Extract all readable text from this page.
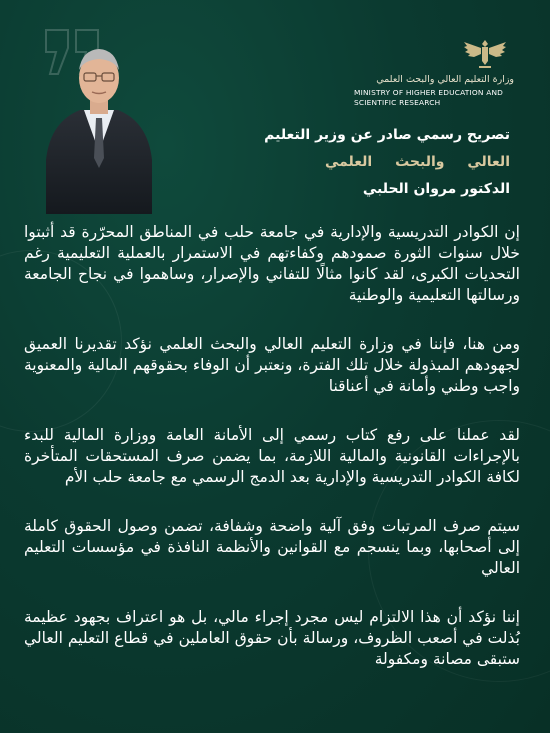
وزارة التعليم العالي والبحث العلمي
MINISTRY OF HIGHER EDUCATION AND
SCIENTIFIC RESEARCH
تصريح رسمي صادر عن وزير التعليم
العالي والبحث العلمي
الدكتور مروان الحلبي

إن الكوادر التدريسية والإدارية في جامعة حلب في المناطق المحرّرة قد أثبتوا خلال سنوات الثورة صمودهم وكفاءتهم في الاستمرار بالعملية التعليمية رغم التحديات الكبرى، لقد كانوا مثالًا للتفاني والإصرار، وساهموا في نجاح الجامعة ورسالتها التعليمية والوطنية

ومن هنا، فإننا في وزارة التعليم العالي والبحث العلمي نؤكد تقديرنا العميق لجهودهم المبذولة خلال تلك الفترة، ونعتبر أن الوفاء بحقوقهم المالية والمعنوية واجب وطني وأمانة في أعناقنا

لقد عملنا على رفع كتاب رسمي إلى الأمانة العامة ووزارة المالية للبدء بالإجراءات القانونية والمالية اللازمة، بما يضمن صرف المستحقات المتأخرة لكافة الكوادر التدريسية والإدارية بعد الدمج الرسمي مع جامعة حلب الأم

سيتم صرف المرتبات وفق آلية واضحة وشفافة، تضمن وصول الحقوق كاملة إلى أصحابها، وبما ينسجم مع القوانين والأنظمة النافذة في مؤسسات التعليم العالي

إننا نؤكد أن هذا الالتزام ليس مجرد إجراء مالي، بل هو اعتراف بجهود عظيمة بُذلت في أصعب الظروف، ورسالة بأن حقوق العاملين في قطاع التعليم العالي ستبقى مصانة ومكفولة
